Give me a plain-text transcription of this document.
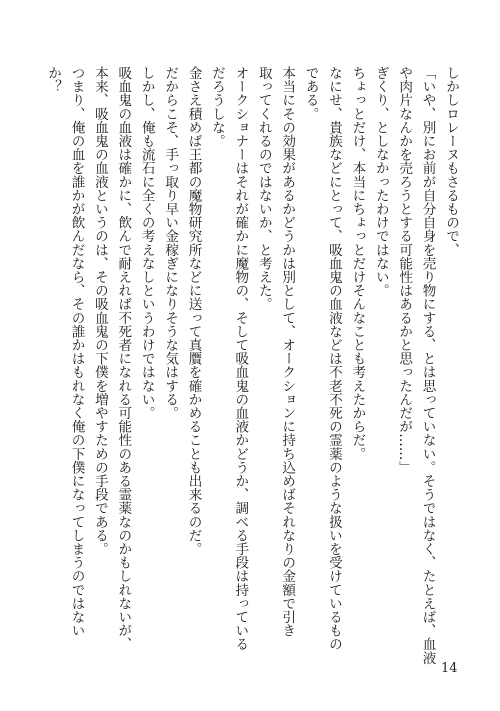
しかしロレーヌもさるもので、
「いや、別にお前が自分自身を売り物にする、とは思っていない。そうではなく、たとえば、血液
や肉片なんかを売ろうとする可能性はあるかと思ったんだが……」
ぎくり、としなかったわけではない。
ちょっとだけ、本当にちょっとだけそんなことも考えたからだ。
なにせ、貴族などにとって、吸血鬼の血液などは不老不死の霊薬のような扱いを受けているもの
である。
本当にその効果があるかどうかは別として、オークションに持ち込めばそれなりの金額で引き
取ってくれるのではないか、と考えた。
オークショナーはそれが確かに魔物の、そして吸血鬼の血液かどうか、調べる手段は持っている
だろうしな。
金さえ積めば王都の魔物研究所などに送って真贋を確かめることも出来るのだ。
だからこそ、手っ取り早い金稼ぎになりそうな気はする。
しかし、俺も流石に全くの考えなしというわけではない。
吸血鬼の血液は確かに、飲んで耐えれば不死者になれる可能性のある霊薬なのかもしれないが、
本来、吸血鬼の血液というのは、その吸血鬼の下僕を増やすための手段である。
つまり、俺の血を誰かが飲んだなら、その誰かはもれなく俺の下僕になってしまうのではない
か？
14
